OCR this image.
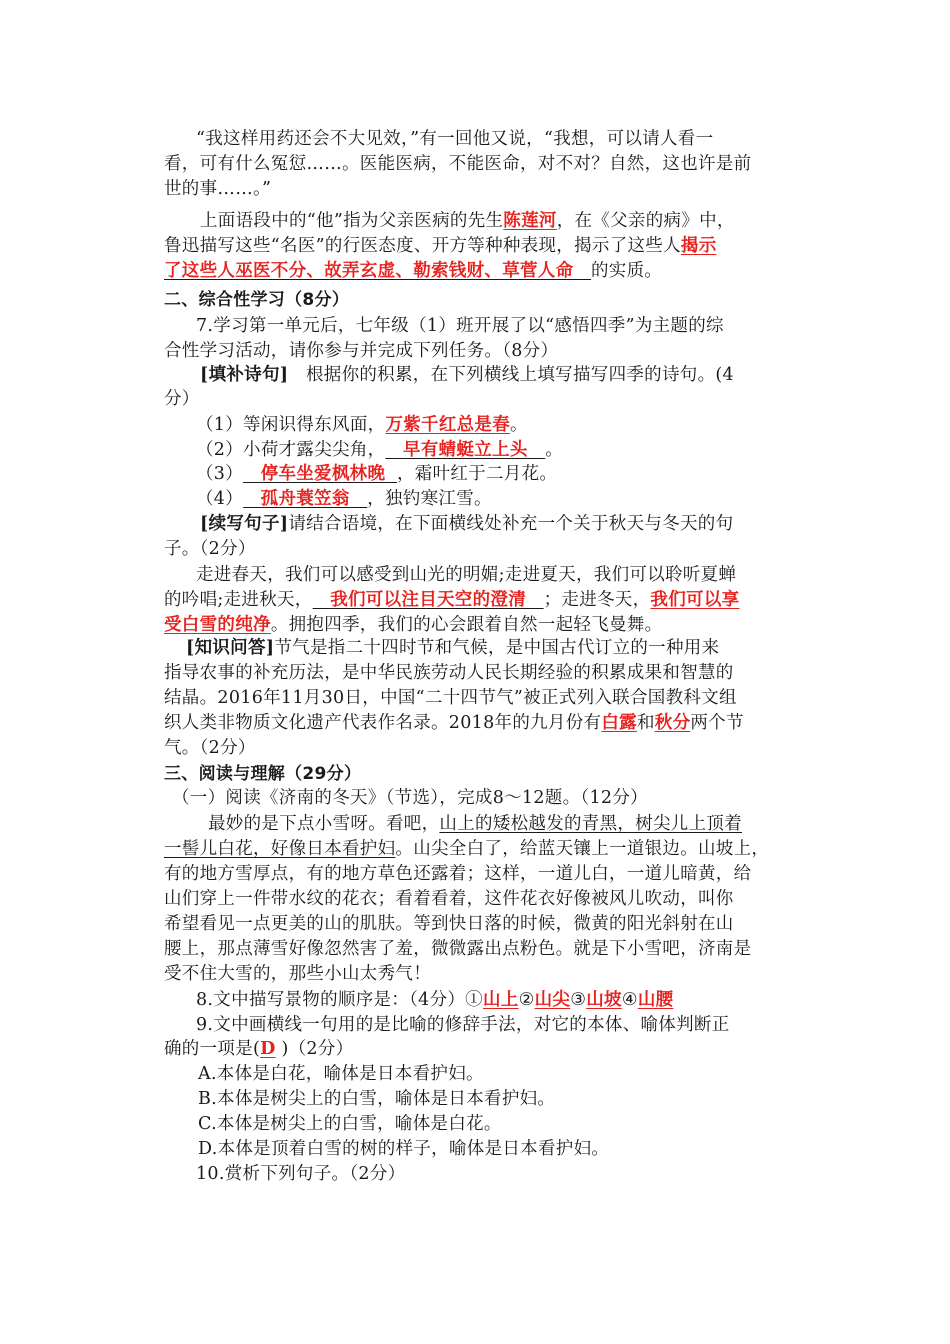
“我这样用药还会不大见效，”有一回他又说，“我想，可以请人看一
看，可有什么冤愆……。医能医病，不能医命，对不对？自然，这也许是前
世的事……。”
上面语段中的“他”指为父亲医病的先生陈莲河，在《父亲的病》中，
鲁迅描写这些“名医”的行医态度、开方等种种表现，揭示了这些人揭示
了这些人巫医不分、故弄玄虚、勒索钱财、草菅人命 的实质。
二、综合性学习（8分）
7.学习第一单元后，七年级（1）班开展了以“感悟四季”为主题的综
合性学习活动，请你参与并完成下列任务。（8分）
[填补诗句] 根据你的积累，在下列横线上填写描写四季的诗句。(4
分）
（1）等闲识得东风面，万紫千红总是春。
（2）小荷才露尖尖角， 早有蜻蜓立上头 。
（3） 停车坐爱枫林晚 ，霜叶红于二月花。
（4） 孤舟蓑笠翁 ，独钓寒江雪。
[续写句子]请结合语境，在下面横线处补充一个关于秋天与冬天的句
子。（2分）
走进春天，我们可以感受到山光的明媚;走进夏天，我们可以聆听夏蝉
的吟唱;走进秋天， 我们可以注目天空的澄清 ；走进冬天，我们可以享
受白雪的纯净。拥抱四季，我们的心会跟着自然一起轻飞曼舞。
[知识问答]节气是指二十四时节和气候，是中国古代订立的一种用来
指导农事的补充历法，是中华民族劳动人民长期经验的积累成果和智慧的
结晶。2016年11月30日，中国“二十四节气”被正式列入联合国教科文组
织人类非物质文化遗产代表作名录。2018年的九月份有白露和秋分两个节
气。（2分）
三、阅读与理解（29分）
（一）阅读《济南的冬天》（节选），完成8～12题。（12分）
最妙的是下点小雪呀。看吧，山上的矮松越发的青黑，树尖儿上顶着
一髻儿白花，好像日本看护妇。山尖全白了，给蓝天镶上一道银边。山坡上，
有的地方雪厚点，有的地方草色还露着；这样，一道儿白，一道儿暗黄，给
山们穿上一件带水纹的花衣；看着看着，这件花衣好像被风儿吹动，叫你
希望看见一点更美的山的肌肤。等到快日落的时候，微黄的阳光斜射在山
腰上，那点薄雪好像忽然害了羞，微微露出点粉色。就是下小雪吧，济南是
受不住大雪的，那些小山太秀气！
8.文中描写景物的顺序是：（4分）①山上②山尖③山坡④山腰
9.文中画横线一句用的是比喻的修辞手法，对它的本体、喻体判断正
确的一项是(D )（2分）
A.本体是白花，喻体是日本看护妇。
B.本体是树尖上的白雪，喻体是日本看护妇。
C.本体是树尖上的白雪，喻体是白花。
D.本体是顶着白雪的树的样子，喻体是日本看护妇。
10.赏析下列句子。（2分）
